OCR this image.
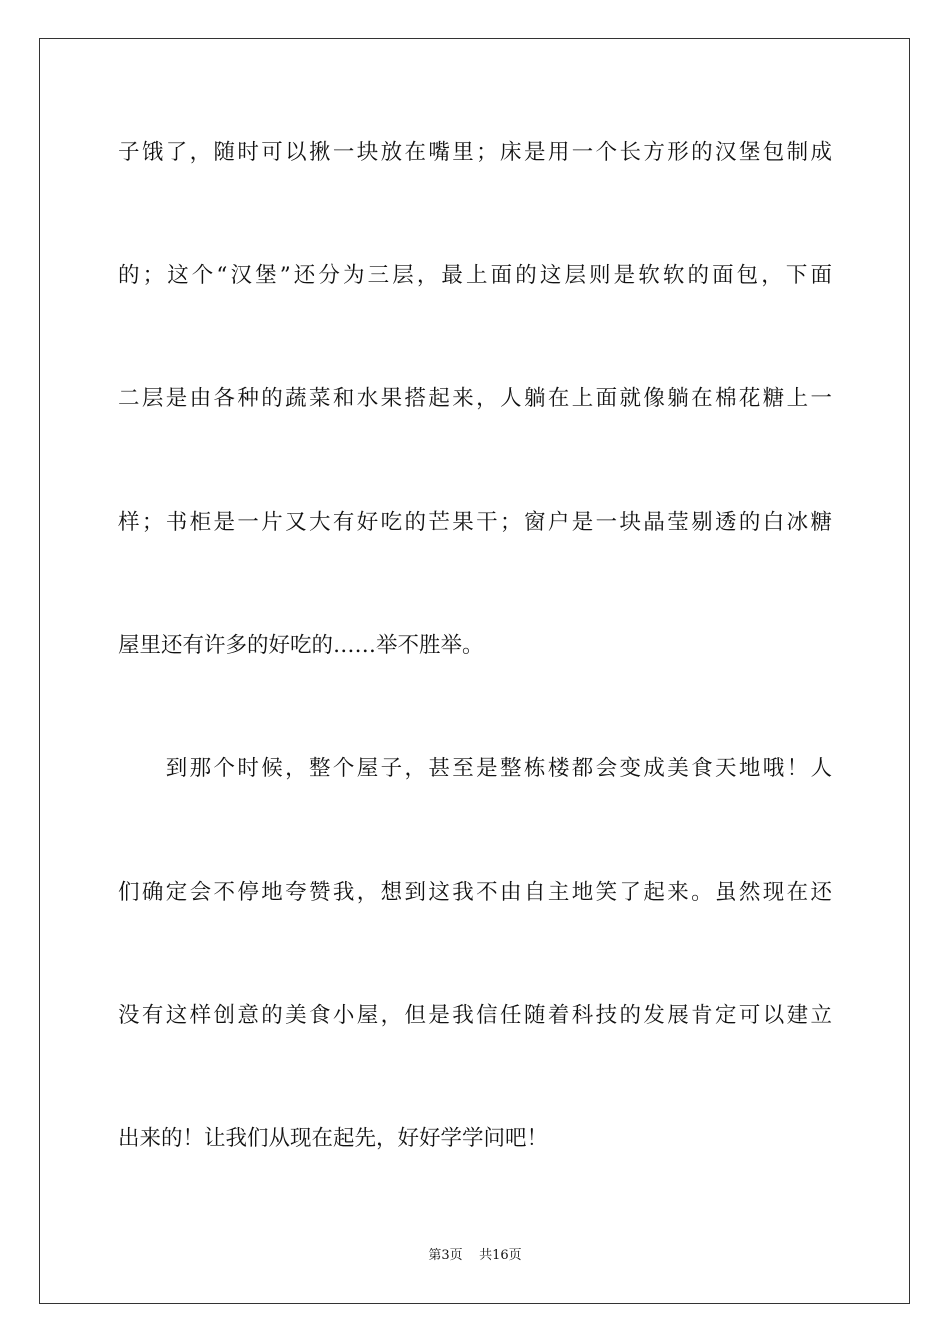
子饿了，随时可以揪一块放在嘴里；床是用一个长方形的汉堡包制成
的；这个“汉堡”还分为三层，最上面的这层则是软软的面包，下面
二层是由各种的蔬菜和水果搭起来，人躺在上面就像躺在棉花糖上一
样；书柜是一片又大有好吃的芒果干；窗户是一块晶莹剔透的白冰糖
屋里还有许多的好吃的……举不胜举。
　　到那个时候，整个屋子，甚至是整栋楼都会变成美食天地哦！人
们确定会不停地夸赞我，想到这我不由自主地笑了起来。虽然现在还
没有这样创意的美食小屋，但是我信任随着科技的发展肯定可以建立
出来的！让我们从现在起先，好好学学问吧！
第3页 共16页
